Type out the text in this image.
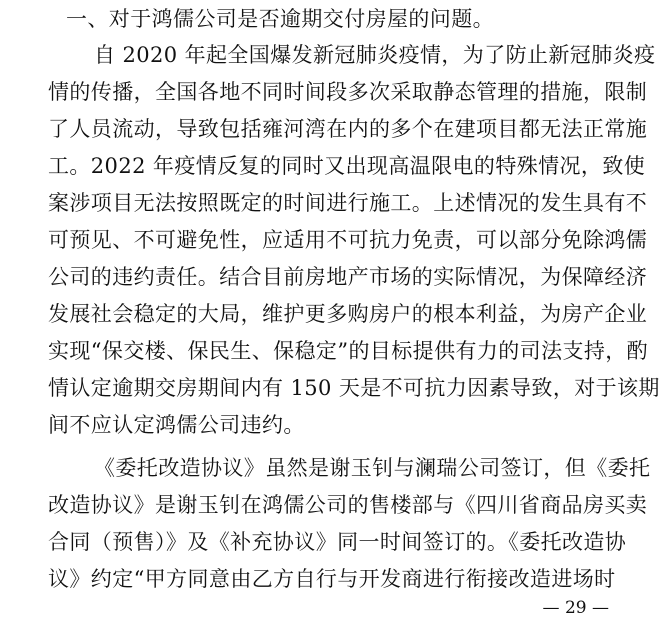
一、对于鸿儒公司是否逾期交付房屋的问题。
自 2020 年起全国爆发新冠肺炎疫情，为了防止新冠肺炎疫
情的传播，全国各地不同时间段多次采取静态管理的措施，限制
了人员流动，导致包括雍河湾在内的多个在建项目都无法正常施
工。2022 年疫情反复的同时又出现高温限电的特殊情况，致使
案涉项目无法按照既定的时间进行施工。上述情况的发生具有不
可预见、不可避免性，应适用不可抗力免责，可以部分免除鸿儒
公司的违约责任。结合目前房地产市场的实际情况，为保障经济
发展社会稳定的大局，维护更多购房户的根本利益，为房产企业
实现“保交楼、保民生、保稳定”的目标提供有力的司法支持，酌
情认定逾期交房期间内有 150 天是不可抗力因素导致，对于该期
间不应认定鸿儒公司违约。
《委托改造协议》虽然是谢玉钊与澜瑞公司签订，但《委托
改造协议》是谢玉钊在鸿儒公司的售楼部与《四川省商品房买卖
合同（预售）》及《补充协议》同一时间签订的。《委托改造协
议》约定“甲方同意由乙方自行与开发商进行衔接改造进场时
— 29 —
